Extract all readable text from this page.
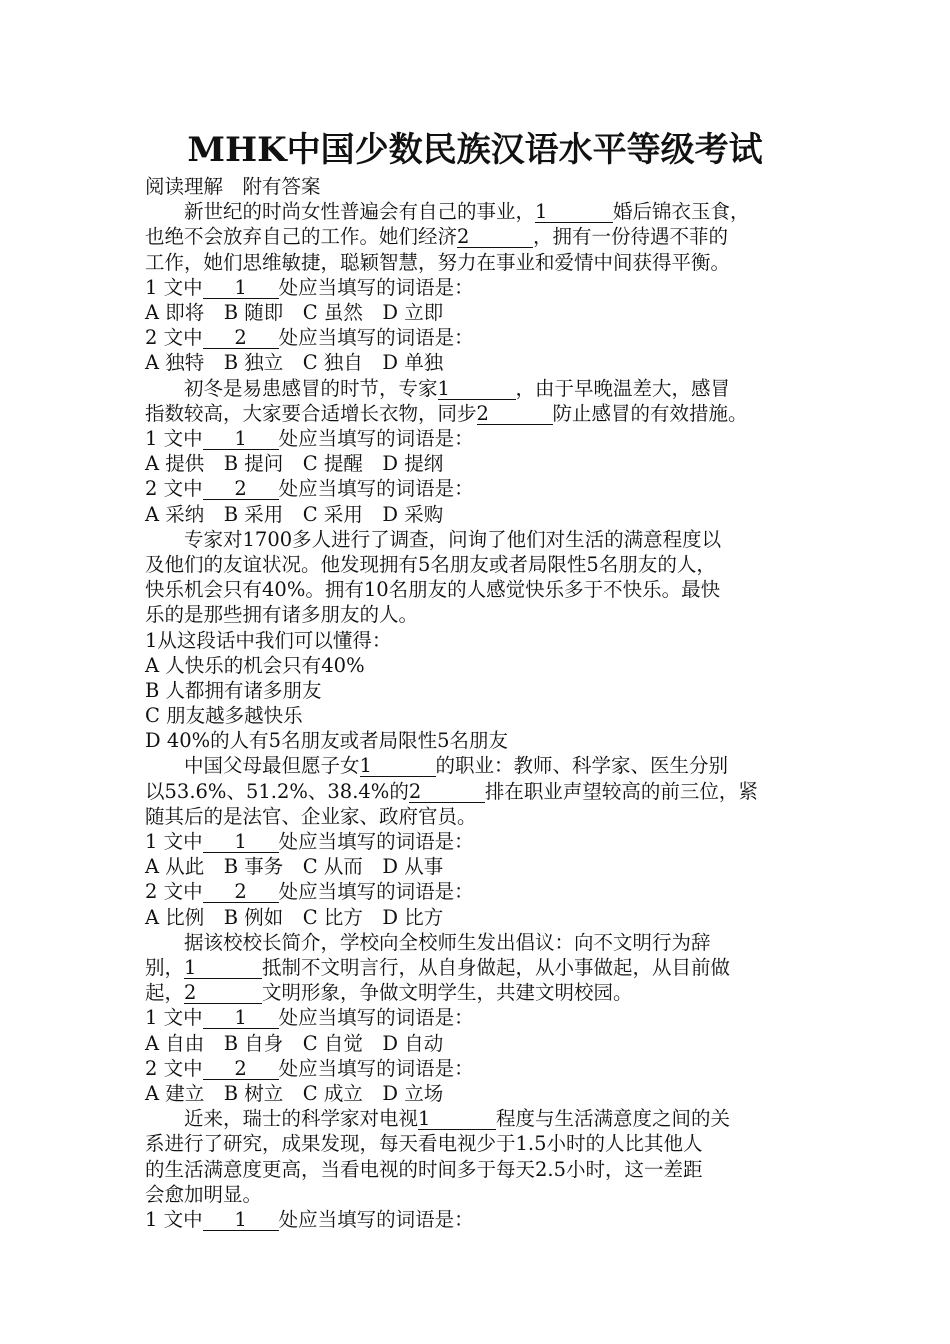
MHK中国少数民族汉语水平等级考试
阅读理解　附有答案
新世纪的时尚女性普遍会有自己的事业，1	婚后锦衣玉食，
也绝不会放弃自己的工作。她们经济2	，拥有一份待遇不菲的
工作，她们思维敏捷，聪颖智慧，努力在事业和爱情中间获得平衡。
1 文中 1 处应当填写的词语是：
A 即将　B 随即　C 虽然　D 立即
2 文中 2 处应当填写的词语是：
A 独特　B 独立　C 独自　D 单独
初冬是易患感冒的时节，专家1	，由于早晚温差大，感冒
指数较高，大家要合适增长衣物，同步2	防止感冒的有效措施。
1 文中 1 处应当填写的词语是：
A 提供　B 提问　C 提醒　D 提纲
2 文中 2 处应当填写的词语是：
A 采纳　B 采用　C 采用　D 采购
专家对1700多人进行了调查，问询了他们对生活的满意程度以
及他们的友谊状况。他发现拥有5名朋友或者局限性5名朋友的人，
快乐机会只有40%。拥有10名朋友的人感觉快乐多于不快乐。最快
乐的是那些拥有诸多朋友的人。
1从这段话中我们可以懂得：
A 人快乐的机会只有40%
B 人都拥有诸多朋友
C 朋友越多越快乐
D 40%的人有5名朋友或者局限性5名朋友
中国父母最但愿子女1	的职业：教师、科学家、医生分别
以53.6%、51.2%、38.4%的2	排在职业声望较高的前三位，紧
随其后的是法官、企业家、政府官员。
1 文中 1 处应当填写的词语是：
A 从此　B 事务　C 从而　D 从事
2 文中 2 处应当填写的词语是：
A 比例　B 例如　C 比方　D 比方
据该校校长简介，学校向全校师生发出倡议：向不文明行为辞
别，1	抵制不文明言行，从自身做起，从小事做起，从目前做
起，2	文明形象，争做文明学生，共建文明校园。
1 文中 1 处应当填写的词语是：
A 自由　B 自身　C 自觉　D 自动
2 文中 2 处应当填写的词语是：
A 建立　B 树立　C 成立　D 立场
近来，瑞士的科学家对电视1	程度与生活满意度之间的关
系进行了研究，成果发现，每天看电视少于1.5小时的人比其他人
的生活满意度更高，当看电视的时间多于每天2.5小时，这一差距
会愈加明显。
1 文中 1 处应当填写的词语是：
